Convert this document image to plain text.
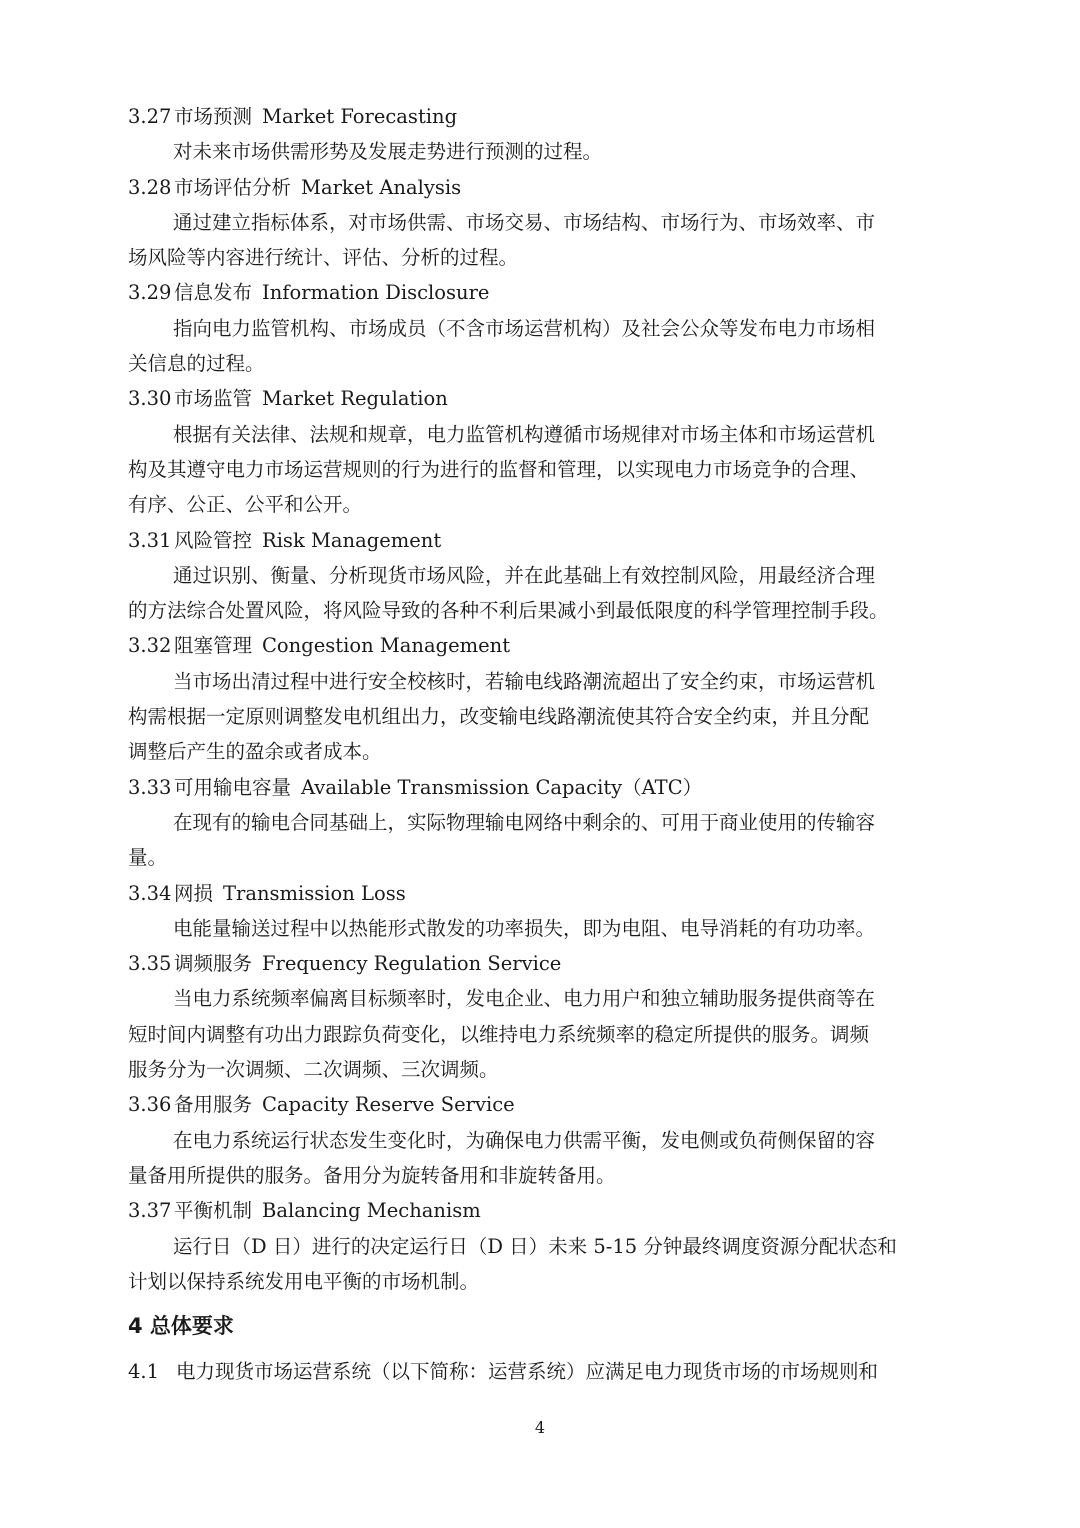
3.27 市场预测 Market Forecasting
对未来市场供需形势及发展走势进行预测的过程。
3.28 市场评估分析 Market Analysis
通过建立指标体系，对市场供需、市场交易、市场结构、市场行为、市场效率、市
场风险等内容进行统计、评估、分析的过程。
3.29 信息发布 Information Disclosure
指向电力监管机构、市场成员（不含市场运营机构）及社会公众等发布电力市场相
关信息的过程。
3.30 市场监管 Market Regulation
根据有关法律、法规和规章，电力监管机构遵循市场规律对市场主体和市场运营机
构及其遵守电力市场运营规则的行为进行的监督和管理，以实现电力市场竞争的合理、
有序、公正、公平和公开。
3.31 风险管控 Risk Management
通过识别、衡量、分析现货市场风险，并在此基础上有效控制风险，用最经济合理
的方法综合处置风险，将风险导致的各种不利后果减小到最低限度的科学管理控制手段。
3.32 阻塞管理 Congestion Management
当市场出清过程中进行安全校核时，若输电线路潮流超出了安全约束，市场运营机
构需根据一定原则调整发电机组出力，改变输电线路潮流使其符合安全约束，并且分配
调整后产生的盈余或者成本。
3.33 可用输电容量 Available Transmission Capacity（ATC）
在现有的输电合同基础上，实际物理输电网络中剩余的、可用于商业使用的传输容
量。
3.34 网损 Transmission Loss
电能量输送过程中以热能形式散发的功率损失，即为电阻、电导消耗的有功功率。
3.35 调频服务 Frequency Regulation Service
当电力系统频率偏离目标频率时，发电企业、电力用户和独立辅助服务提供商等在
短时间内调整有功出力跟踪负荷变化，以维持电力系统频率的稳定所提供的服务。调频
服务分为一次调频、二次调频、三次调频。
3.36 备用服务 Capacity Reserve Service
在电力系统运行状态发生变化时，为确保电力供需平衡，发电侧或负荷侧保留的容
量备用所提供的服务。备用分为旋转备用和非旋转备用。
3.37 平衡机制 Balancing Mechanism
运行日（D 日）进行的决定运行日（D 日）未来 5-15 分钟最终调度资源分配状态和
计划以保持系统发用电平衡的市场机制。
4 总体要求
4.1 电力现货市场运营系统（以下简称：运营系统）应满足电力现货市场的市场规则和
4
